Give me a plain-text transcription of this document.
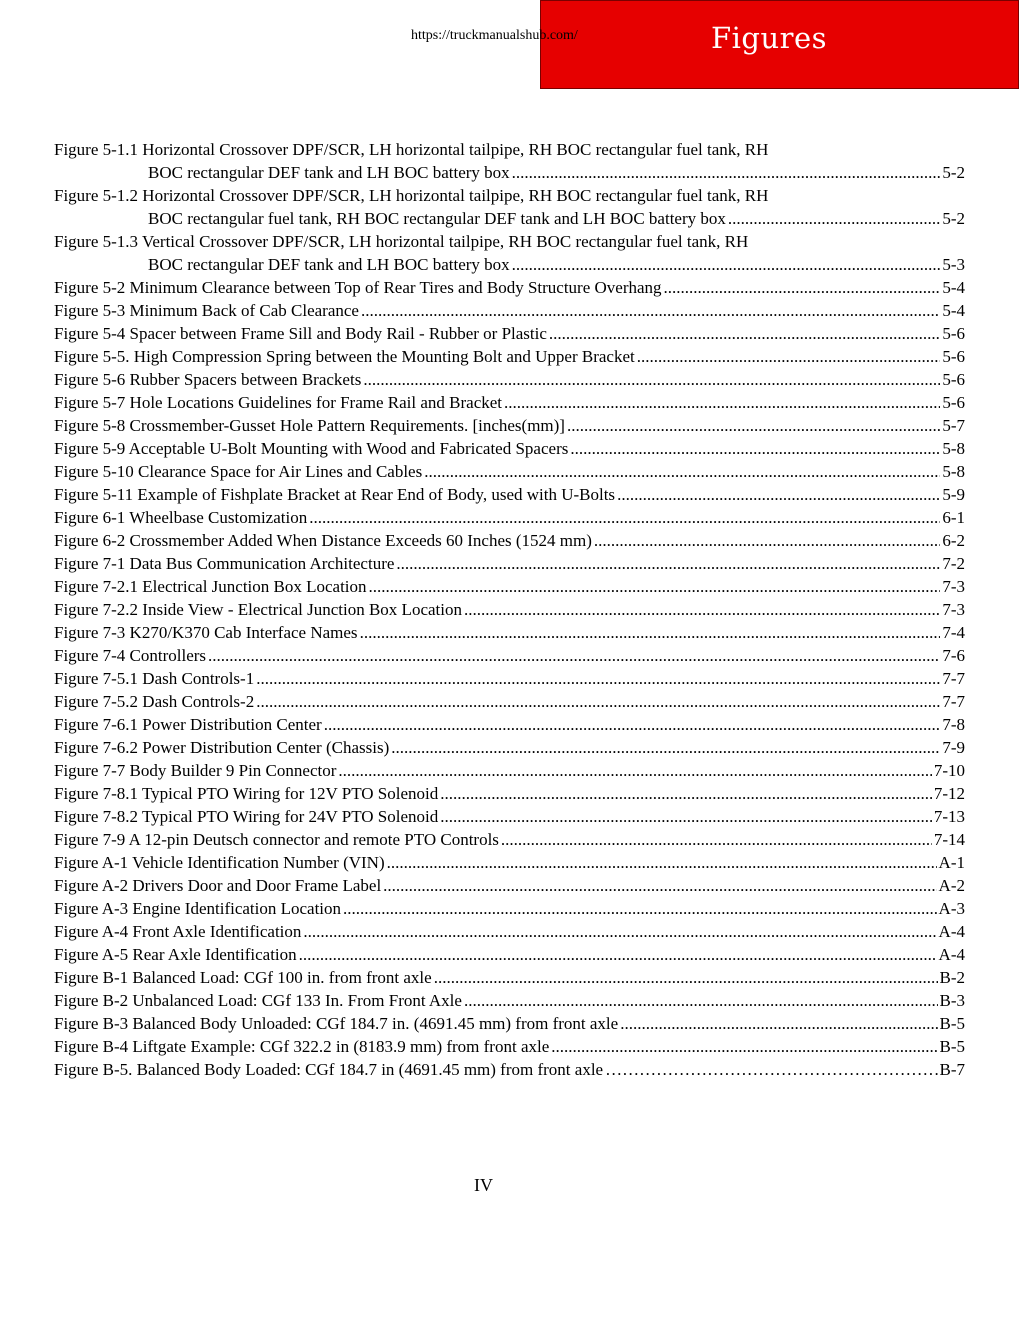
Figures
https://truckmanualshub.com/
Figure 5-1.1 Horizontal Crossover DPF/SCR, LH horizontal tailpipe, RH BOC rectangular fuel tank, RH
BOC rectangular DEF tank and LH BOC battery box .....	5-2
Figure 5-1.2 Horizontal Crossover DPF/SCR, LH horizontal tailpipe, RH BOC rectangular fuel tank, RH
BOC rectangular fuel tank, RH BOC rectangular DEF tank and LH BOC battery box .....	5-2
Figure 5-1.3 Vertical Crossover DPF/SCR, LH horizontal tailpipe, RH BOC rectangular fuel tank, RH
BOC rectangular DEF tank and LH BOC battery box .....	5-3
Figure 5-2 Minimum Clearance between Top of Rear Tires and Body Structure Overhang .....	5-4
Figure 5-3 Minimum Back of Cab Clearance .....	5-4
Figure 5-4 Spacer between Frame Sill and Body Rail - Rubber or Plastic .....	5-6
Figure 5-5. High Compression Spring between the Mounting Bolt and Upper Bracket .....	5-6
Figure 5-6 Rubber Spacers between Brackets .....	5-6
Figure 5-7 Hole Locations Guidelines for Frame Rail and Bracket .....	5-6
Figure 5-8 Crossmember-Gusset Hole Pattern Requirements. [inches(mm)] .....	5-7
Figure 5-9 Acceptable U-Bolt Mounting with Wood and Fabricated Spacers .....	5-8
Figure 5-10 Clearance Space for Air Lines and Cables .....	5-8
Figure 5-11 Example of Fishplate Bracket at Rear End of Body, used with U-Bolts .....	5-9
Figure 6-1 Wheelbase Customization .....	6-1
Figure 6-2 Crossmember Added When Distance Exceeds 60 Inches (1524 mm) .....	6-2
Figure 7-1 Data Bus Communication Architecture .....	7-2
Figure 7-2.1 Electrical Junction Box Location .....	7-3
Figure 7-2.2 Inside View - Electrical Junction Box Location .....	7-3
Figure 7-3 K270/K370 Cab Interface Names .....	7-4
Figure 7-4 Controllers .....	7-6
Figure 7-5.1 Dash Controls-1 .....	7-7
Figure 7-5.2 Dash Controls-2 .....	7-7
Figure 7-6.1 Power Distribution Center .....	7-8
Figure 7-6.2 Power Distribution Center (Chassis) .....	7-9
Figure 7-7 Body Builder 9 Pin Connector .....	7-10
Figure 7-8.1 Typical PTO Wiring for 12V PTO Solenoid .....	7-12
Figure 7-8.2 Typical PTO Wiring for 24V PTO Solenoid .....	7-13
Figure 7-9 A 12-pin Deutsch connector and remote PTO Controls .....	7-14
Figure A-1 Vehicle Identification Number (VIN) .....	A-1
Figure A-2 Drivers Door and Door Frame Label .....	A-2
Figure A-3 Engine Identification Location .....	A-3
Figure A-4 Front Axle Identification .....	A-4
Figure A-5 Rear Axle Identification .....	A-4
Figure B-1 Balanced Load: CGf 100 in. from front axle .....	B-2
Figure B-2 Unbalanced Load: CGf 133 In. From Front Axle .....	B-3
Figure B-3 Balanced Body Unloaded: CGf 184.7 in. (4691.45 mm) from front axle .....	B-5
Figure B-4 Liftgate Example: CGf 322.2 in (8183.9 mm) from front axle .....	B-5
Figure B-5. Balanced Body Loaded: CGf 184.7 in (4691.45 mm) from front axle …………………………………………………………………………………………………………	B-7
IV
